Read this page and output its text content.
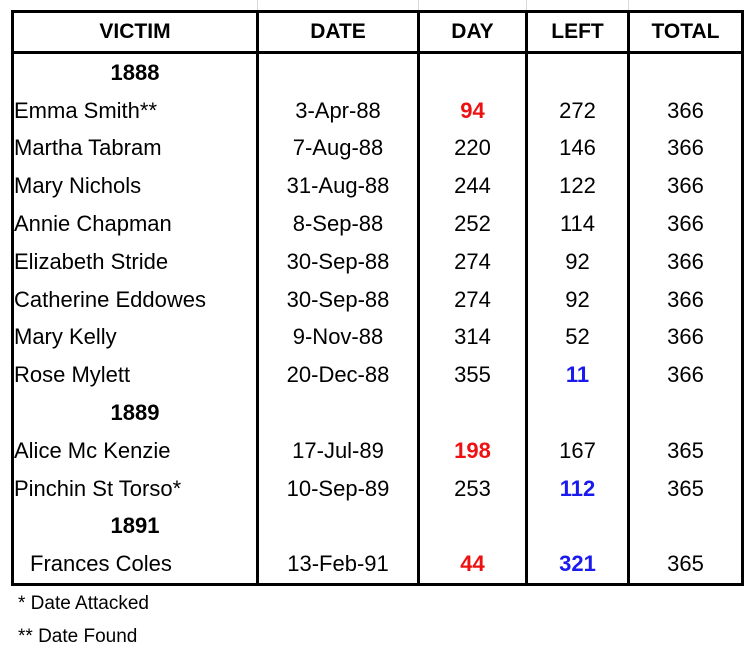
VICTIM	DATE	DAY	LEFT	TOTAL
1888				
Emma Smith**	3-Apr-88	94	272	366
Martha Tabram	7-Aug-88	220	146	366
Mary Nichols	31-Aug-88	244	122	366
Annie Chapman	8-Sep-88	252	114	366
Elizabeth Stride	30-Sep-88	274	92	366
Catherine Eddowes	30-Sep-88	274	92	366
Mary Kelly	9-Nov-88	314	52	366
Rose Mylett	20-Dec-88	355	11	366
1889				
Alice Mc Kenzie	17-Jul-89	198	167	365
Pinchin St Torso*	10-Sep-89	253	112	365
1891				
Frances Coles	13-Feb-91	44	321	365
* Date Attacked
** Date Found
